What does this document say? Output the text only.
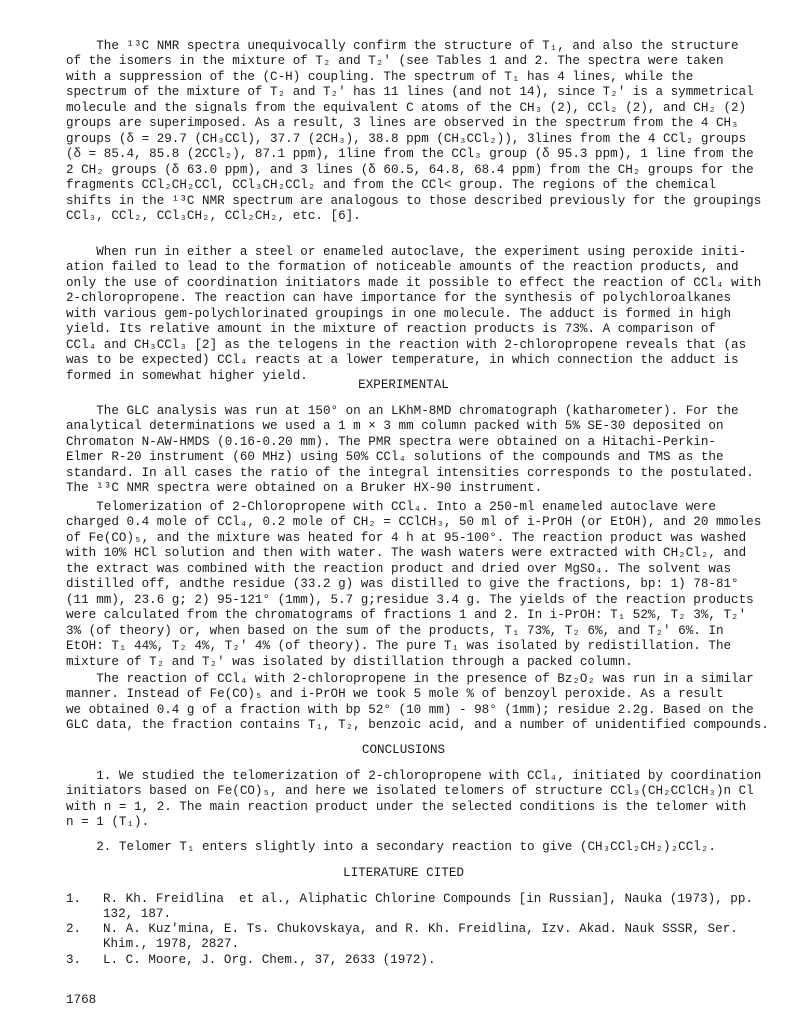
The ¹³C NMR spectra unequivocally confirm the structure of T₁, and also the structure
of the isomers in the mixture of T₂ and T₂' (see Tables 1 and 2. The spectra were taken
with a suppression of the (C-H) coupling. The spectrum of T₁ has 4 lines, while the
spectrum of the mixture of T₂ and T₂' has 11 lines (and not 14), since T₂' is a symmetrical
molecule and the signals from the equivalent C atoms of the CH₃ (2), CCl₂ (2), and CH₂ (2)
groups are superimposed. As a result, 3 lines are observed in the spectrum from the 4 CH₃
groups (δ = 29.7 (CH₃CCl), 37.7 (2CH₃), 38.8 ppm (CH₃CCl₂)), 3lines from the 4 CCl₂ groups
(δ = 85.4, 85.8 (2CCl₂), 87.1 ppm), 1line from the CCl₃ group (δ 95.3 ppm), 1 line from the
2 CH₂ groups (δ 63.0 ppm), and 3 lines (δ 60.5, 64.8, 68.4 ppm) from the CH₂ groups for the
fragments CCl₂CH₂CCl, CCl₃CH₂CCl₂ and from the CCl< group. The regions of the chemical
shifts in the ¹³C NMR spectrum are analogous to those described previously for the groupings
CCl₃, CCl₂, CCl₃CH₂, CCl₂CH₂, etc. [6].

When run in either a steel or enameled autoclave, the experiment using peroxide initi-
ation failed to lead to the formation of noticeable amounts of the reaction products, and
only the use of coordination initiators made it possible to effect the reaction of CCl₄ with
2-chloropropene. The reaction can have importance for the synthesis of polychloroalkanes
with various gem-polychlorinated groupings in one molecule. The adduct is formed in high
yield. Its relative amount in the mixture of reaction products is 73%. A comparison of
CCl₄ and CH₃CCl₃ [2] as the telogens in the reaction with 2-chloropropene reveals that (as
was to be expected) CCl₄ reacts at a lower temperature, in which connection the adduct is
formed in somewhat higher yield.

EXPERIMENTAL

The GLC analysis was run at 150° on an LKhM-8MD chromatograph (katharometer). For the
analytical determinations we used a 1 m × 3 mm column packed with 5% SE-30 deposited on
Chromaton N-AW-HMDS (0.16-0.20 mm). The PMR spectra were obtained on a Hitachi-Perkin-
Elmer R-20 instrument (60 MHz) using 50% CCl₄ solutions of the compounds and TMS as the
standard. In all cases the ratio of the integral intensities corresponds to the postulated.
The ¹³C NMR spectra were obtained on a Bruker HX-90 instrument.

Telomerization of 2-Chloropropene with CCl₄. Into a 250-ml enameled autoclave were
charged 0.4 mole of CCl₄, 0.2 mole of CH₂ = CClCH₃, 50 ml of i-PrOH (or EtOH), and 20 mmoles
of Fe(CO)₅, and the mixture was heated for 4 h at 95-100°. The reaction product was washed
with 10% HCl solution and then with water. The wash waters were extracted with CH₂Cl₂, and
the extract was combined with the reaction product and dried over MgSO₄. The solvent was
distilled off, andthe residue (33.2 g) was distilled to give the fractions, bp: 1) 78-81°
(11 mm), 23.6 g; 2) 95-121° (1mm), 5.7 g;residue 3.4 g. The yields of the reaction products
were calculated from the chromatograms of fractions 1 and 2. In i-PrOH: T₁ 52%, T₂ 3%, T₂'
3% (of theory) or, when based on the sum of the products, T₁ 73%, T₂ 6%, and T₂' 6%. In
EtOH: T₁ 44%, T₂ 4%, T₂' 4% (of theory). The pure T₁ was isolated by redistillation. The
mixture of T₂ and T₂' was isolated by distillation through a packed column.

The reaction of CCl₄ with 2-chloropropene in the presence of Bz₂O₂ was run in a similar
manner. Instead of Fe(CO)₅ and i-PrOH we took 5 mole % of benzoyl peroxide. As a result
we obtained 0.4 g of a fraction with bp 52° (10 mm) - 98° (1mm); residue 2.2g. Based on the
GLC data, the fraction contains T₁, T₂, benzoic acid, and a number of unidentified compounds.

CONCLUSIONS

1. We studied the telomerization of 2-chloropropene with CCl₄, initiated by coordination
initiators based on Fe(CO)₅, and here we isolated telomers of structure CCl₃(CH₂CClCH₃)n Cl
with n = 1, 2. The main reaction product under the selected conditions is the telomer with
n = 1 (T₁).

2. Telomer T₁ enters slightly into a secondary reaction to give (CH₃CCl₂CH₂)₂CCl₂.

LITERATURE CITED

1.	R. Kh. Freidlina  et al., Aliphatic Chlorine Compounds [in Russian], Nauka (1973), pp.
132, 187.
2.	N. A. Kuz'mina, E. Ts. Chukovskaya, and R. Kh. Freidlina, Izv. Akad. Nauk SSSR, Ser.
Khim., 1978, 2827.
3.	L. C. Moore, J. Org. Chem., 37, 2633 (1972).
1768
